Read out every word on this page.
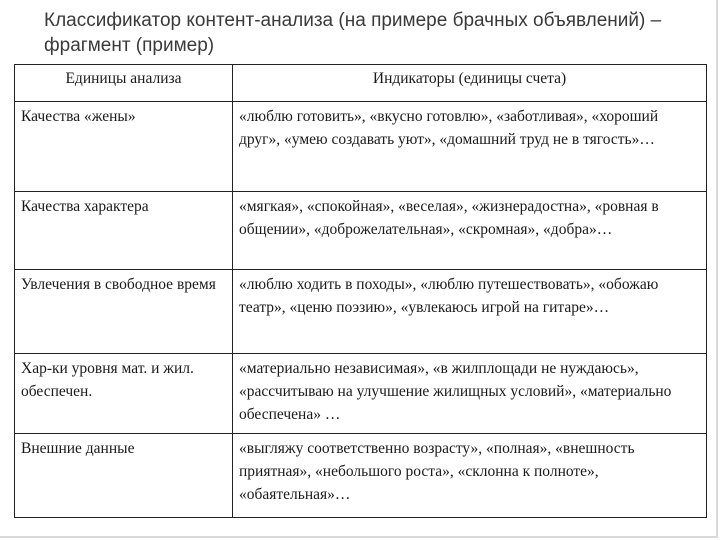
Классификатор контент-анализа (на примере брачных объявлений) – фрагмент (пример)
Единицы анализа	Индикаторы (единицы счета)
Качества «жены»	«люблю готовить», «вкусно готовлю», «заботливая», «хороший друг», «умею создавать уют», «домашний труд не в тягость»…
Качества характера	«мягкая», «спокойная», «веселая», «жизнерадостна», «ровная в общении», «доброжелательная», «скромная», «добра»…
Увлечения в свободное время	«люблю ходить в походы», «люблю путешествовать», «обожаю театр», «ценю поэзию», «увлекаюсь игрой на гитаре»…
Хар-ки уровня мат. и жил. обеспечен.	«материально независимая», «в жилплощади не нуждаюсь», «рассчитываю на улучшение жилищных условий», «материально обеспечена» …
Внешние данные	«выгляжу соответственно возрасту», «полная», «внешность приятная», «небольшого роста», «склонна к полноте», «обаятельная»…
